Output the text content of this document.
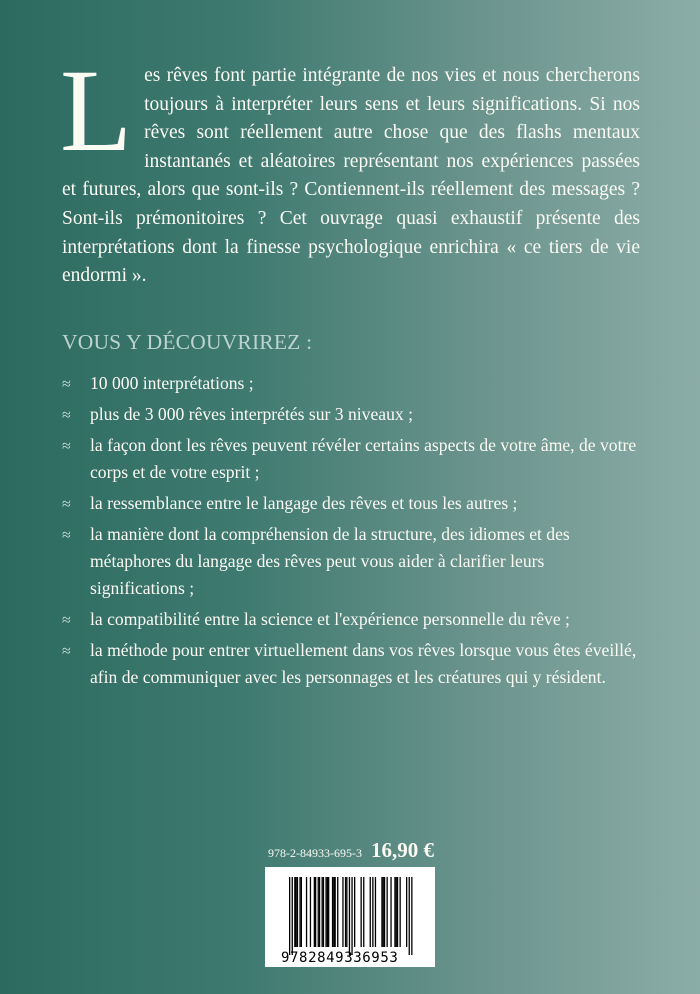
Les rêves font partie intégrante de nos vies et nous chercherons toujours à interpréter leurs sens et leurs significations. Si nos rêves sont réellement autre chose que des flashs mentaux instantanés et aléatoires représentant nos expériences passées et futures, alors que sont-ils ? Contiennent-ils réellement des messages ? Sont-ils prémonitoires ? Cet ouvrage quasi exhaustif présente des interprétations dont la finesse psychologique enrichira « ce tiers de vie endormi ».
VOUS Y DÉCOUVRIREZ :
≈ 10 000 interprétations ;
≈ plus de 3 000 rêves interprétés sur 3 niveaux ;
≈ la façon dont les rêves peuvent révéler certains aspects de votre âme, de votre corps et de votre esprit ;
≈ la ressemblance entre le langage des rêves et tous les autres ;
≈ la manière dont la compréhension de la structure, des idiomes et des métaphores du langage des rêves peut vous aider à clarifier leurs significations ;
≈ la compatibilité entre la science et l'expérience personnelle du rêve ;
≈ la méthode pour entrer virtuellement dans vos rêves lorsque vous êtes éveillé, afin de communiquer avec les personnages et les créatures qui y résident.
978-2-84933-695-3 16,90 €
9782849336953
